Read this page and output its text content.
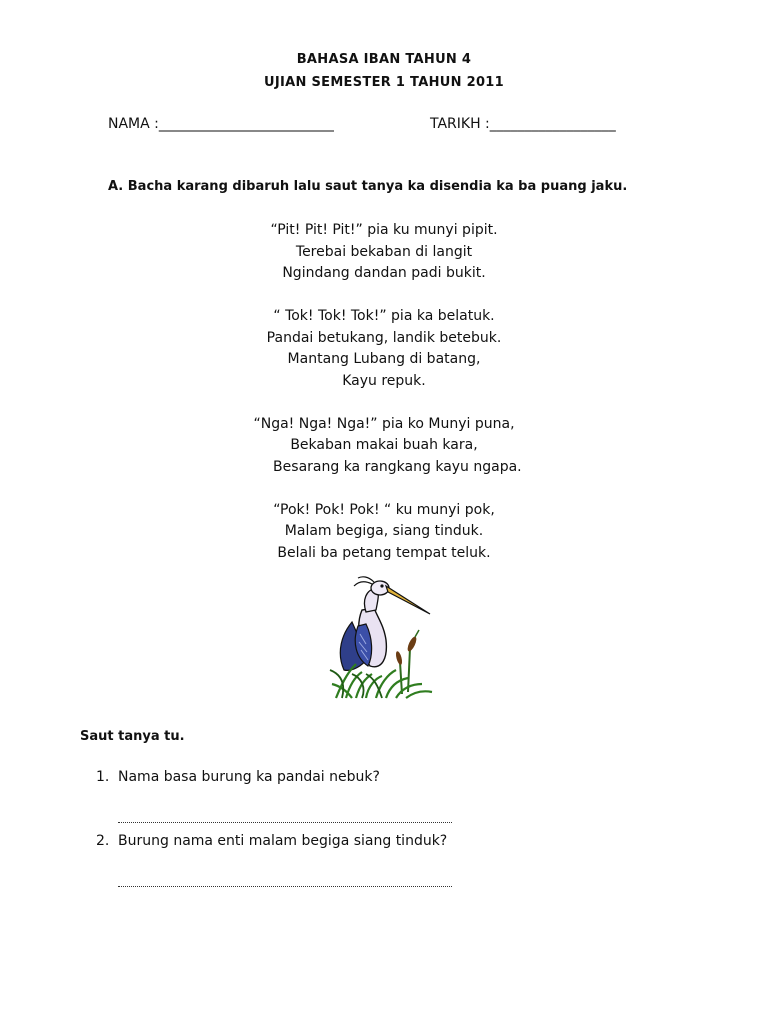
BAHASA IBAN TAHUN 4
UJIAN SEMESTER 1 TAHUN 2011
NAMA :_________________________	TARIKH :__________________
A. Bacha karang dibaruh lalu saut tanya ka disendia ka ba puang jaku.
“Pit! Pit! Pit!” pia ku munyi pipit.
Terebai bekaban di langit
Ngindang dandan padi bukit.
“ Tok! Tok! Tok!” pia ka belatuk.
Pandai betukang, landik betebuk.
Mantang Lubang di batang,
Kayu repuk.
“Nga! Nga! Nga!” pia ko Munyi puna,
Bekaban makai buah kara,
Besarang ka rangkang kayu ngapa.
“Pok! Pok! Pok! “ ku munyi pok,
Malam begiga, siang tinduk.
Belali ba petang tempat teluk.
Saut tanya tu.
1. Nama basa burung ka pandai nebuk?
2. Burung nama enti malam begiga siang tinduk?
